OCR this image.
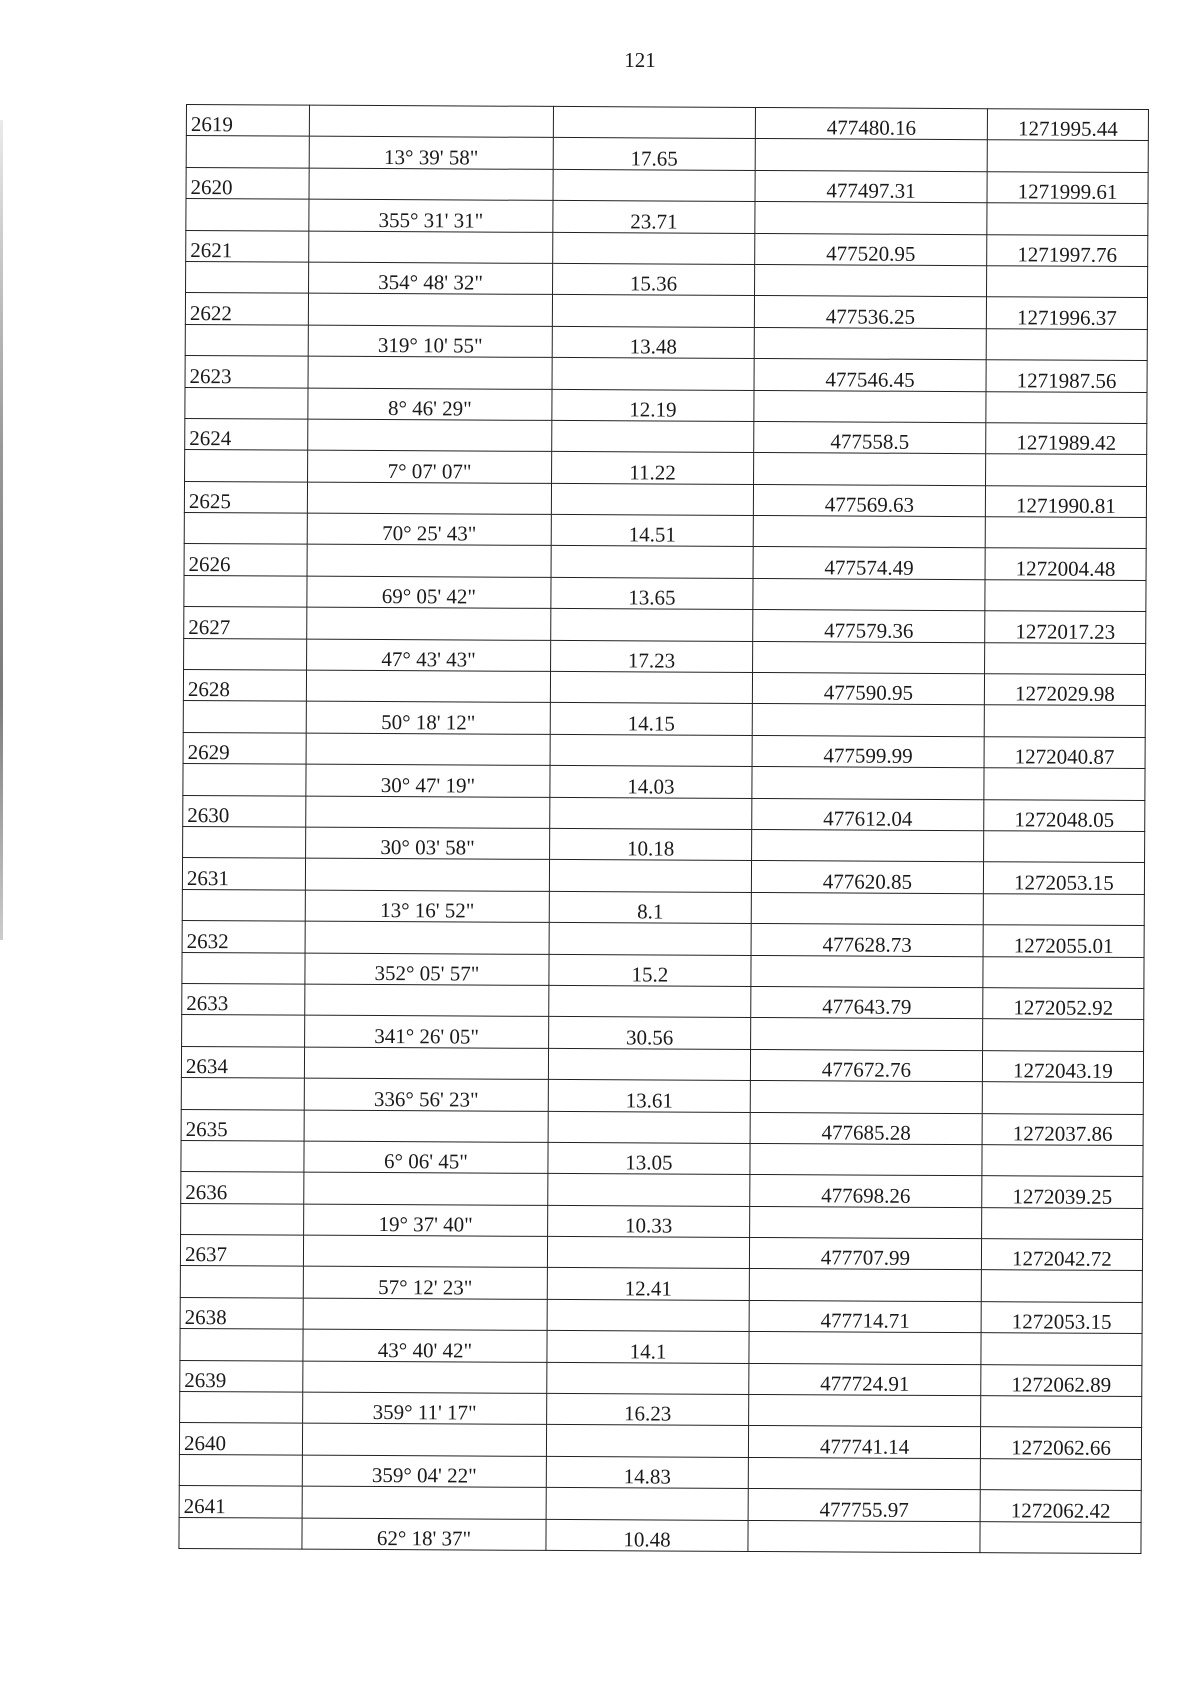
121
2619			477480.16	1271995.44
	13° 39' 58"	17.65		
2620			477497.31	1271999.61
	355° 31' 31"	23.71		
2621			477520.95	1271997.76
	354° 48' 32"	15.36		
2622			477536.25	1271996.37
	319° 10' 55"	13.48		
2623			477546.45	1271987.56
	8° 46' 29"	12.19		
2624			477558.5	1271989.42
	7° 07' 07"	11.22		
2625			477569.63	1271990.81
	70° 25' 43"	14.51		
2626			477574.49	1272004.48
	69° 05' 42"	13.65		
2627			477579.36	1272017.23
	47° 43' 43"	17.23		
2628			477590.95	1272029.98
	50° 18' 12"	14.15		
2629			477599.99	1272040.87
	30° 47' 19"	14.03		
2630			477612.04	1272048.05
	30° 03' 58"	10.18		
2631			477620.85	1272053.15
	13° 16' 52"	8.1		
2632			477628.73	1272055.01
	352° 05' 57"	15.2		
2633			477643.79	1272052.92
	341° 26' 05"	30.56		
2634			477672.76	1272043.19
	336° 56' 23"	13.61		
2635			477685.28	1272037.86
	6° 06' 45"	13.05		
2636			477698.26	1272039.25
	19° 37' 40"	10.33		
2637			477707.99	1272042.72
	57° 12' 23"	12.41		
2638			477714.71	1272053.15
	43° 40' 42"	14.1		
2639			477724.91	1272062.89
	359° 11' 17"	16.23		
2640			477741.14	1272062.66
	359° 04' 22"	14.83		
2641			477755.97	1272062.42
	62° 18' 37"	10.48		
